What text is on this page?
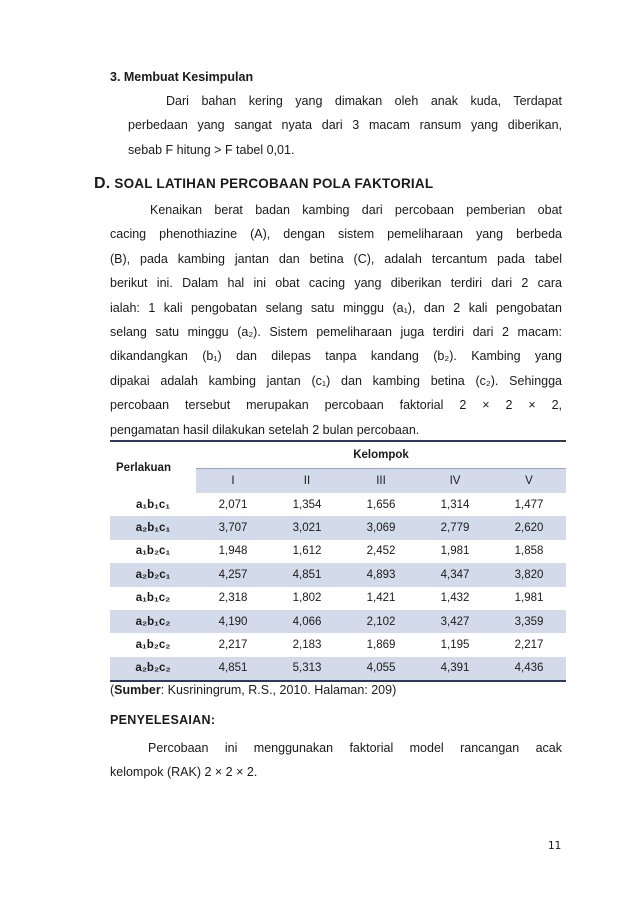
3. Membuat Kesimpulan
Dari bahan kering yang dimakan oleh anak kuda, Terdapat
perbedaan yang sangat nyata dari 3 macam ransum yang diberikan,
sebab F hitung > F tabel 0,01.
D. SOAL LATIHAN PERCOBAAN POLA FAKTORIAL
Kenaikan berat badan kambing dari percobaan pemberian obat
cacing phenothiazine (A), dengan sistem pemeliharaan yang berbeda
(B), pada kambing jantan dan betina (C), adalah tercantum pada tabel
berikut ini. Dalam hal ini obat cacing yang diberikan terdiri dari 2 cara
ialah: 1 kali pengobatan selang satu minggu (a₁), dan 2 kali pengobatan
selang satu minggu (a₂). Sistem pemeliharaan juga terdiri dari 2 macam:
dikandangkan (b₁) dan dilepas tanpa kandang (b₂). Kambing yang
dipakai adalah kambing jantan (c₁) dan kambing betina (c₂). Sehingga
percobaan tersebut merupakan percobaan faktorial 2 × 2 × 2,
pengamatan hasil dilakukan setelah 2 bulan percobaan.
Perlakuan	Kelompok				
	I	II	III	IV	V
a₁b₁c₁	2,071	1,354	1,656	1,314	1,477
a₂b₁c₁	3,707	3,021	3,069	2,779	2,620
a₁b₂c₁	1,948	1,612	2,452	1,981	1,858
a₂b₂c₁	4,257	4,851	4,893	4,347	3,820
a₁b₁c₂	2,318	1,802	1,421	1,432	1,981
a₂b₁c₂	4,190	4,066	2,102	3,427	3,359
a₁b₂c₂	2,217	2,183	1,869	1,195	2,217
a₂b₂c₂	4,851	5,313	4,055	4,391	4,436
(Sumber: Kusriningrum, R.S., 2010. Halaman: 209)
PENYELESAIAN:
Percobaan ini menggunakan faktorial model rancangan acak
kelompok (RAK) 2 × 2 × 2.
11
